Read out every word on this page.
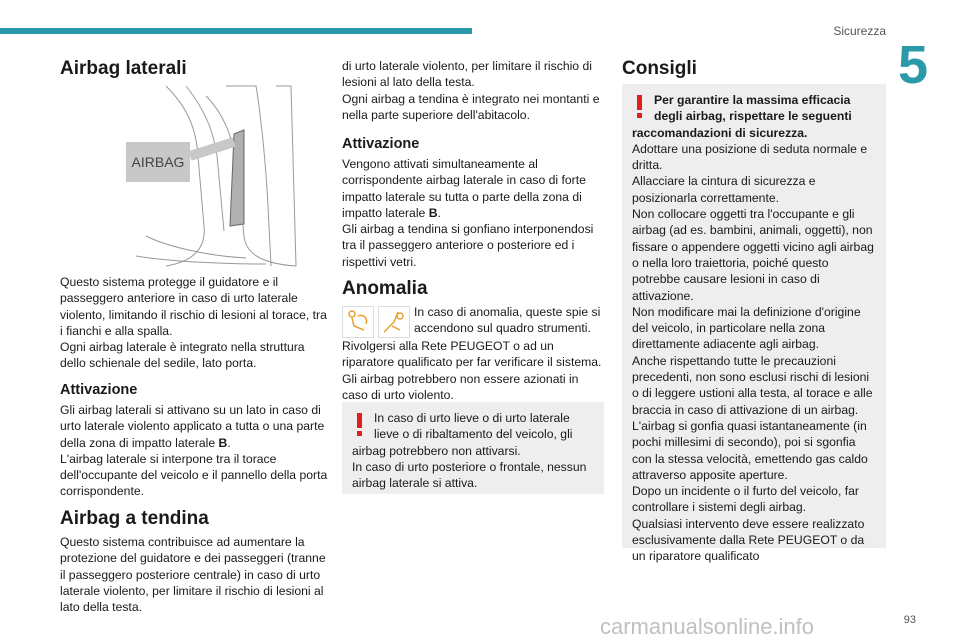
Sicurezza
5
Airbag laterali
AIRBAG
Questo sistema protegge il guidatore e il passeggero anteriore in caso di urto laterale violento, limitando il rischio di lesioni al torace, tra i fianchi e alla spalla.
Ogni airbag laterale è integrato nella struttura dello schienale del sedile, lato porta.
Attivazione
Gli airbag laterali si attivano su un lato in caso di urto laterale violento applicato a tutta o una parte della zona di impatto laterale B.
L'airbag laterale si interpone tra il torace dell'occupante del veicolo e il pannello della porta corrispondente.
Airbag a tendina
Questo sistema contribuisce ad aumentare la protezione del guidatore e dei passeggeri (tranne il passeggero posteriore centrale) in caso di urto laterale violento, per limitare il rischio di lesioni al lato della testa.

di urto laterale violento, per limitare il rischio di lesioni al lato della testa.
Ogni airbag a tendina è integrato nei montanti e nella parte superiore dell'abitacolo.
Attivazione
Vengono attivati simultaneamente al corrispondente airbag laterale in caso di forte impatto laterale su tutta o parte della zona di impatto laterale B.
Gli airbag a tendina si gonfiano interponendosi tra il passeggero anteriore o posteriore ed i rispettivi vetri.
Anomalia
In caso di anomalia, queste spie si accendono sul quadro strumenti.
Rivolgersi alla Rete PEUGEOT o ad un riparatore qualificato per far verificare il sistema.
Gli airbag potrebbero non essere azionati in caso di urto violento.
In caso di urto lieve o di urto laterale lieve o di ribaltamento del veicolo, gli airbag potrebbero non attivarsi.
In caso di urto posteriore o frontale, nessun airbag laterale si attiva.
Consigli
Per garantire la massima efficacia degli airbag, rispettare le seguenti raccomandazioni di sicurezza.
Adottare una posizione di seduta normale e dritta.
Allacciare la cintura di sicurezza e posizionarla correttamente.
Non collocare oggetti tra l'occupante e gli airbag (ad es. bambini, animali, oggetti), non fissare o appendere oggetti vicino agli airbag o nella loro traiettoria, poiché questo potrebbe causare lesioni in caso di attivazione.
Non modificare mai la definizione d'origine del veicolo, in particolare nella zona direttamente adiacente agli airbag.
Anche rispettando tutte le precauzioni precedenti, non sono esclusi rischi di lesioni o di leggere ustioni alla testa, al torace e alle braccia in caso di attivazione di un airbag. L'airbag si gonfia quasi istantaneamente (in pochi millesimi di secondo), poi si sgonfia con la stessa velocità, emettendo gas caldo attraverso apposite aperture.
Dopo un incidente o il furto del veicolo, far controllare i sistemi degli airbag.
Qualsiasi intervento deve essere realizzato esclusivamente dalla Rete PEUGEOT o da un riparatore qualificato
93
carmanualsonline.info
